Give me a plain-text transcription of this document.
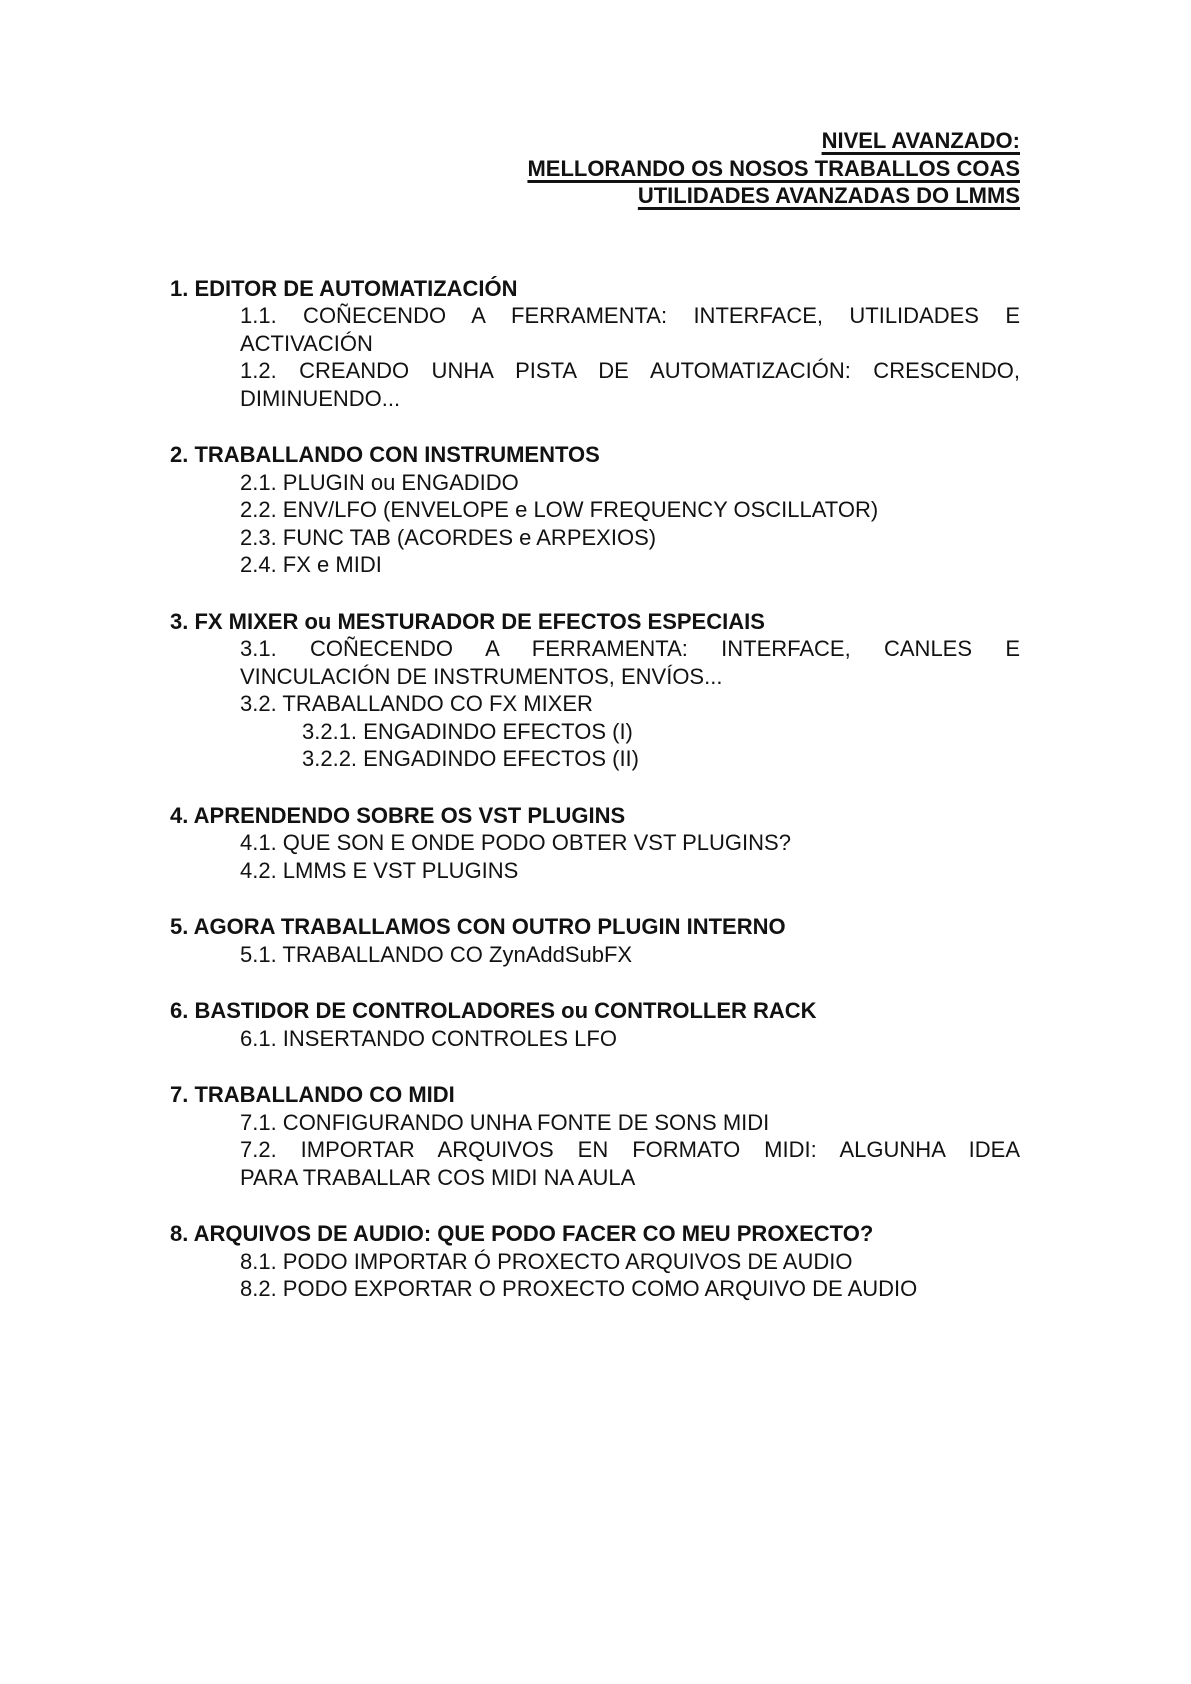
NIVEL AVANZADO:
MELLORANDO OS NOSOS TRABALLOS COAS
UTILIDADES AVANZADAS DO LMMS
1. EDITOR DE AUTOMATIZACIÓN
1.1. COÑECENDO A FERRAMENTA: INTERFACE, UTILIDADES E
ACTIVACIÓN
1.2. CREANDO UNHA PISTA DE AUTOMATIZACIÓN: CRESCENDO,
DIMINUENDO...
2. TRABALLANDO CON INSTRUMENTOS
2.1. PLUGIN ou ENGADIDO
2.2. ENV/LFO (ENVELOPE e LOW FREQUENCY OSCILLATOR)
2.3. FUNC TAB (ACORDES e ARPEXIOS)
2.4. FX e MIDI
3. FX MIXER ou MESTURADOR DE EFECTOS ESPECIAIS
3.1. COÑECENDO A FERRAMENTA: INTERFACE, CANLES E
VINCULACIÓN DE INSTRUMENTOS, ENVÍOS...
3.2. TRABALLANDO CO FX MIXER
3.2.1. ENGADINDO EFECTOS (I)
3.2.2. ENGADINDO EFECTOS (II)
4. APRENDENDO SOBRE OS VST PLUGINS
4.1. QUE SON E ONDE PODO OBTER VST PLUGINS?
4.2. LMMS E VST PLUGINS
5. AGORA TRABALLAMOS CON OUTRO PLUGIN INTERNO
5.1. TRABALLANDO CO ZynAddSubFX
6. BASTIDOR DE CONTROLADORES ou CONTROLLER RACK
6.1. INSERTANDO CONTROLES LFO
7. TRABALLANDO CO MIDI
7.1. CONFIGURANDO UNHA FONTE DE SONS MIDI
7.2. IMPORTAR ARQUIVOS EN FORMATO MIDI: ALGUNHA IDEA
PARA TRABALLAR COS MIDI NA AULA
8. ARQUIVOS DE AUDIO: QUE PODO FACER CO MEU PROXECTO?
8.1. PODO IMPORTAR Ó PROXECTO ARQUIVOS DE AUDIO
8.2. PODO EXPORTAR O PROXECTO COMO ARQUIVO DE AUDIO
